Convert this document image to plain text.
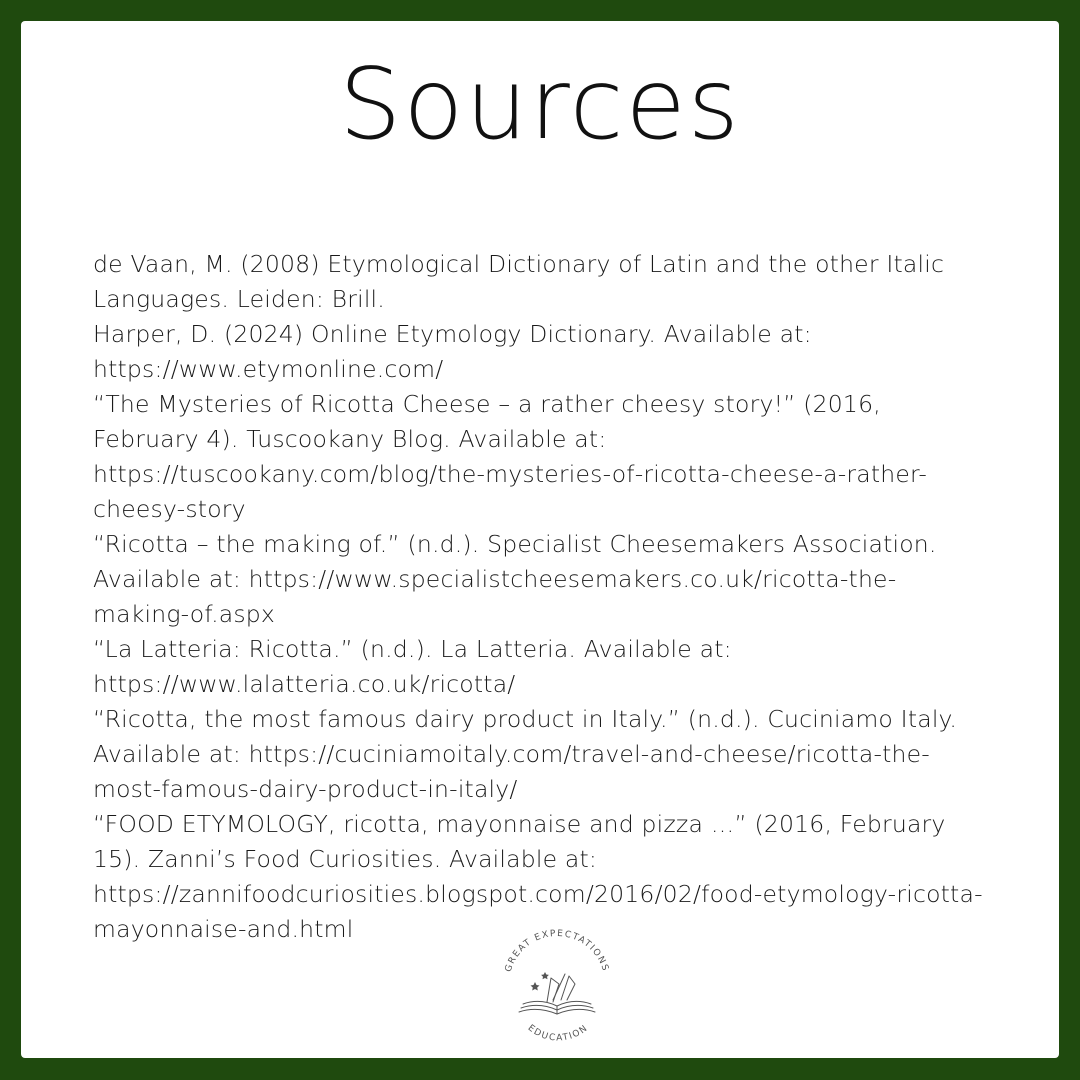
Sources

de Vaan, M. (2008) Etymological Dictionary of Latin and the other Italic Languages. Leiden: Brill.

Harper, D. (2024) Online Etymology Dictionary. Available at: https://www.etymonline.com/

“The Mysteries of Ricotta Cheese – a rather cheesy story!” (2016, February 4). Tuscookany Blog. Available at: https://tuscookany.com/blog/the-mysteries-of-ricotta-cheese-a-rather-cheesy-story

“Ricotta – the making of.” (n.d.). Specialist Cheesemakers Association. Available at: https://www.specialistcheesemakers.co.uk/ricotta-the-making-of.aspx

“La Latteria: Ricotta.” (n.d.). La Latteria. Available at: https://www.lalatteria.co.uk/ricotta/

“Ricotta, the most famous dairy product in Italy.” (n.d.). Cuciniamo Italy. Available at: https://cuciniamoitaly.com/travel-and-cheese/ricotta-the-most-famous-dairy-product-in-italy/

“FOOD ETYMOLOGY, ricotta, mayonnaise and pizza …” (2016, February 15). Zanni’s Food Curiosities. Available at: https://zannifoodcuriosities.blogspot.com/2016/02/food-etymology-ricotta-mayonnaise-and.html

GREAT EXPECTATIONS
EDUCATION
